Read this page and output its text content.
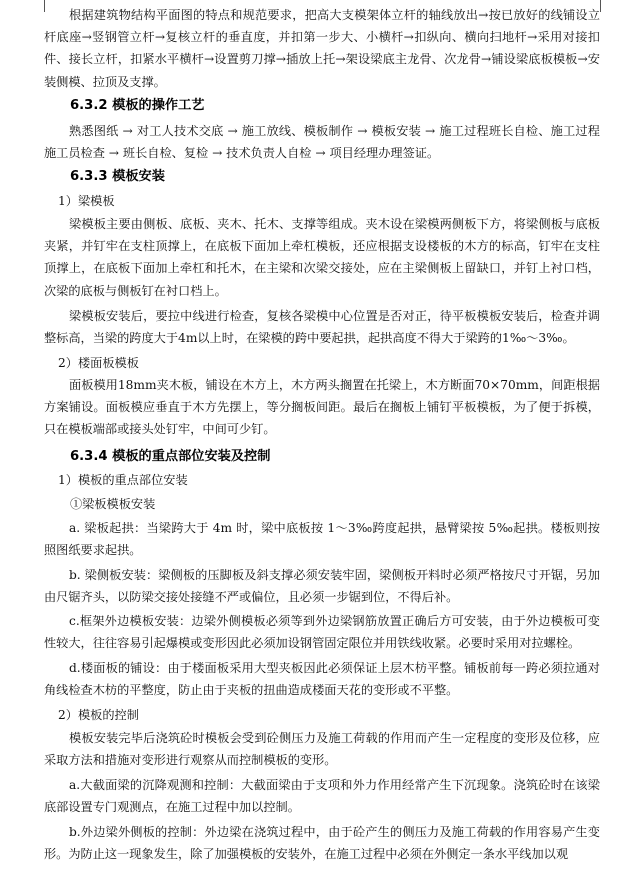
根据建筑物结构平面图的特点和规范要求，把高大支模架体立杆的轴线放出→按已放好的线铺设立杆底座→竖钢管立杆→复核立杆的垂直度，并扣第一步大、小横杆→扣纵向、横向扫地杆→采用对接扣件、接长立杆，扣紧水平横杆→设置剪刀撑→插放上托→架设梁底主龙骨、次龙骨→铺设梁底板模板→安装侧模、拉顶及支撑。
6.3.2 模板的操作工艺
熟悉图纸 → 对工人技术交底 → 施工放线、模板制作 → 模板安装 → 施工过程班长自检、施工过程施工员检查 → 班长自检、复检 → 技术负责人自检 → 项目经理办理签证。
6.3.3 模板安装
1）梁模板
梁模板主要由侧板、底板、夹木、托木、支撑等组成。夹木设在梁模两侧板下方，将梁侧板与底板夹紧，并钉牢在支柱顶撑上，在底板下面加上牵杠模板，还应根据支设楼板的木方的标高，钉牢在支柱顶撑上，在底板下面加上牵杠和托木，在主梁和次梁交接处，应在主梁侧板上留缺口，并钉上衬口档，次梁的底板与侧板钉在衬口档上。
梁模板安装后，要拉中线进行检查，复核各梁模中心位置是否对正，待平板模板安装后，检查并调整标高，当梁的跨度大于4m以上时，在梁模的跨中要起拱，起拱高度不得大于梁跨的1‰～3‰。
2）楼面板模板
面板模用18mm夹木板，铺设在木方上，木方两头搁置在托梁上，木方断面70×70mm，间距根据方案铺设。面板模应垂直于木方先摆上，等分搁板间距。最后在搁板上铺钉平板模板，为了便于拆模，只在模板端部或接头处钉牢，中间可少钉。
6.3.4 模板的重点部位安装及控制
1）模板的重点部位安装
①梁板模板安装
a. 梁板起拱：当梁跨大于 4m 时，梁中底板按 1～3‰跨度起拱，悬臂梁按 5‰起拱。楼板则按照图纸要求起拱。
b. 梁侧板安装：梁侧板的压脚板及斜支撑必须安装牢固，梁侧板开料时必须严格按尺寸开锯，另加由尺锯齐头，以防梁交接处接缝不严或偏位，且必须一步锯到位，不得后补。
c.框架外边模板安装：边梁外侧模板必须等到外边梁钢筋放置正确后方可安装，由于外边模板可变性较大，往往容易引起爆模或变形因此必须加设钢管固定限位并用铁线收紧。必要时采用对拉螺栓。
d.楼面板的铺设：由于楼面板采用大型夹板因此必须保证上层木枋平整。铺板前每一跨必须拉通对角线检查木枋的平整度，防止由于夹板的扭曲造成楼面天花的变形或不平整。
2）模板的控制
模板安装完毕后浇筑砼时模板会受到砼侧压力及施工荷载的作用而产生一定程度的变形及位移，应采取方法和措施对变形进行观察从而控制模板的变形。
a.大截面梁的沉降观测和控制：大截面梁由于支项和外力作用经常产生下沉现象。浇筑砼时在该梁底部设置专门观测点，在施工过程中加以控制。
b.外边梁外侧板的控制：外边梁在浇筑过程中，由于砼产生的侧压力及施工荷载的作用容易产生变形。为防止这一现象发生，除了加强模板的安装外，在施工过程中必须在外侧定一条水平线加以观
